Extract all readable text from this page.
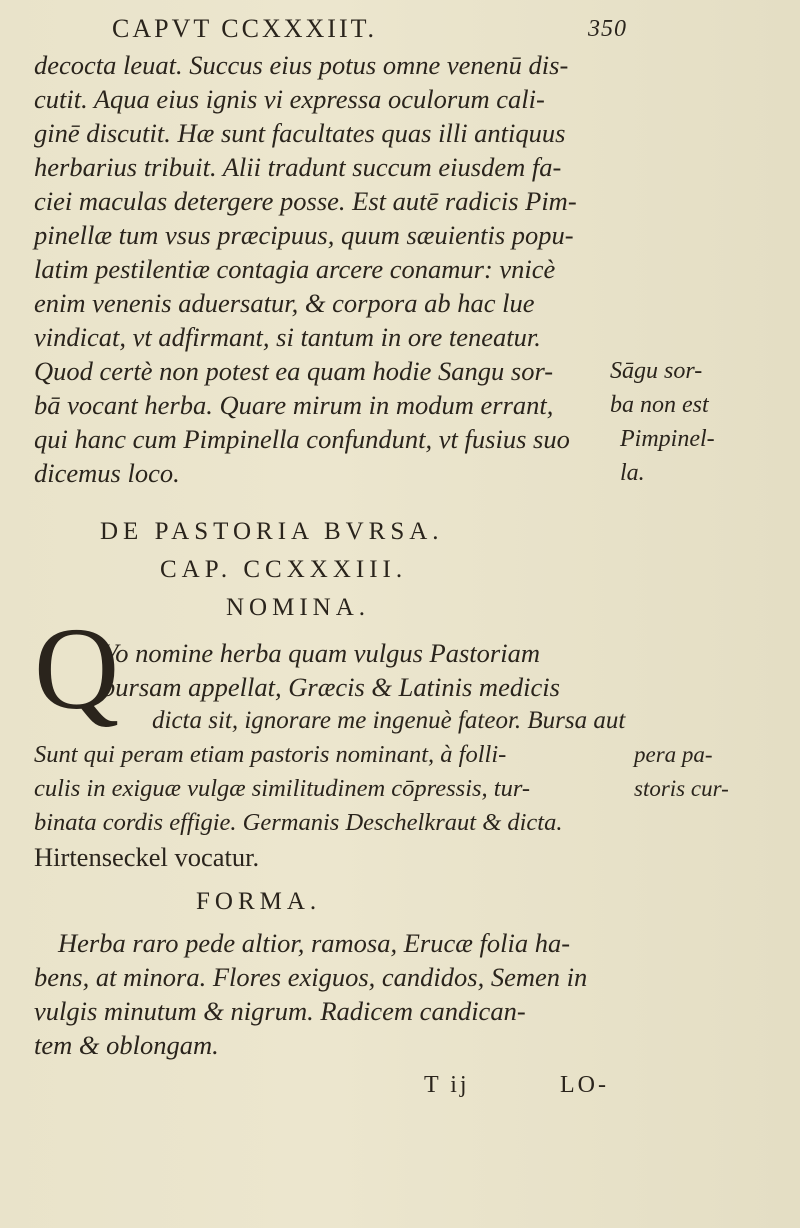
CAPVT CCXXXIIT.	350
decocta leuat. Succus eius potus omne venenū dis-
cutit. Aqua eius ignis vi expressa oculorum cali-
ginē discutit. Hæ sunt facultates quas illi antiquus
herbarius tribuit. Alii tradunt succum eiusdem fa-
ciei maculas detergere posse. Est autē radicis Pim-
pinellæ tum vsus præcipuus, quum sæuientis popu-
latim pestilentiæ contagia arcere conamur: vnicè
enim venenis aduersatur, & corpora ab hac lue
vindicat, vt adfirmant, si tantum in ore teneatur.
Quod certè non potest ea quam hodie Sangu sor-
bā vocant herba. Quare mirum in modum errant,
qui hanc cum Pimpinella confundunt, vt fusius suo
dicemus loco.
Sāgu sor-
ba non est
Pimpinel-
la.
DE PASTORIA BVRSA.
CAP. CCXXXIII.
NOMINA.
Vo nomine herba quam vulgus Pastoriam
bursam appellat, Græcis & Latinis medicis
dicta sit, ignorare me ingenuè fateor. Bursa aut
Sunt qui peram etiam pastoris nominant, à folli-
culis in exiguæ vulgæ similitudinem cōpressis, tur-
binata cordis effigie. Germanis Deschelkraut & dicta.
Hirtenseckel vocatur.
pera pa-
storis cur-
FORMA.
Herba raro pede altior, ramosa, Erucæ folia ha-
bens, at minora. Flores exiguos, candidos, Semen in
vulgis minutum & nigrum. Radicem candican-
tem & oblongam.
Q
T ij	LO-
